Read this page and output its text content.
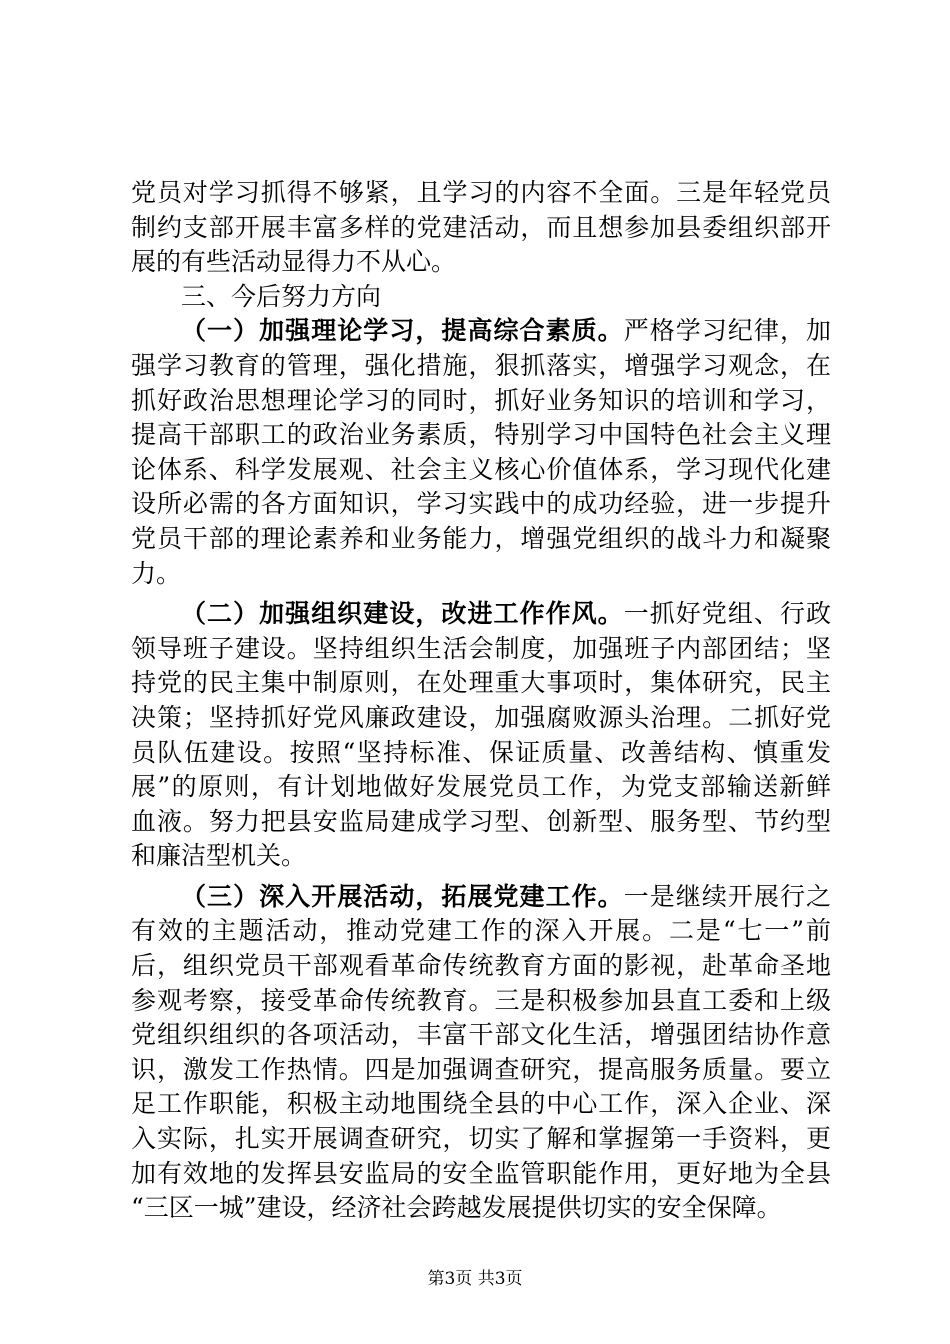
党员对学习抓得不够紧，且学习的内容不全面。三是年轻党员
制约支部开展丰富多样的党建活动，而且想参加县委组织部开
展的有些活动显得力不从心。
三、今后努力方向
（一）加强理论学习，提高综合素质。严格学习纪律，加
强学习教育的管理，强化措施，狠抓落实，增强学习观念，在
抓好政治思想理论学习的同时，抓好业务知识的培训和学习，
提高干部职工的政治业务素质，特别学习中国特色社会主义理
论体系、科学发展观、社会主义核心价值体系，学习现代化建
设所必需的各方面知识，学习实践中的成功经验，进一步提升
党员干部的理论素养和业务能力，增强党组织的战斗力和凝聚
力。
（二）加强组织建设，改进工作作风。一抓好党组、行政
领导班子建设。坚持组织生活会制度，加强班子内部团结；坚
持党的民主集中制原则，在处理重大事项时，集体研究，民主
决策；坚持抓好党风廉政建设，加强腐败源头治理。二抓好党
员队伍建设。按照“坚持标准、保证质量、改善结构、慎重发
展”的原则，有计划地做好发展党员工作，为党支部输送新鲜
血液。努力把县安监局建成学习型、创新型、服务型、节约型
和廉洁型机关。
（三）深入开展活动，拓展党建工作。一是继续开展行之
有效的主题活动，推动党建工作的深入开展。二是“七一”前
后，组织党员干部观看革命传统教育方面的影视，赴革命圣地
参观考察，接受革命传统教育。三是积极参加县直工委和上级
党组织组织的各项活动，丰富干部文化生活，增强团结协作意
识，激发工作热情。四是加强调查研究，提高服务质量。要立
足工作职能，积极主动地围绕全县的中心工作，深入企业、深
入实际，扎实开展调查研究，切实了解和掌握第一手资料，更
加有效地的发挥县安监局的安全监管职能作用，更好地为全县
“三区一城”建设，经济社会跨越发展提供切实的安全保障。
第3页 共3页
